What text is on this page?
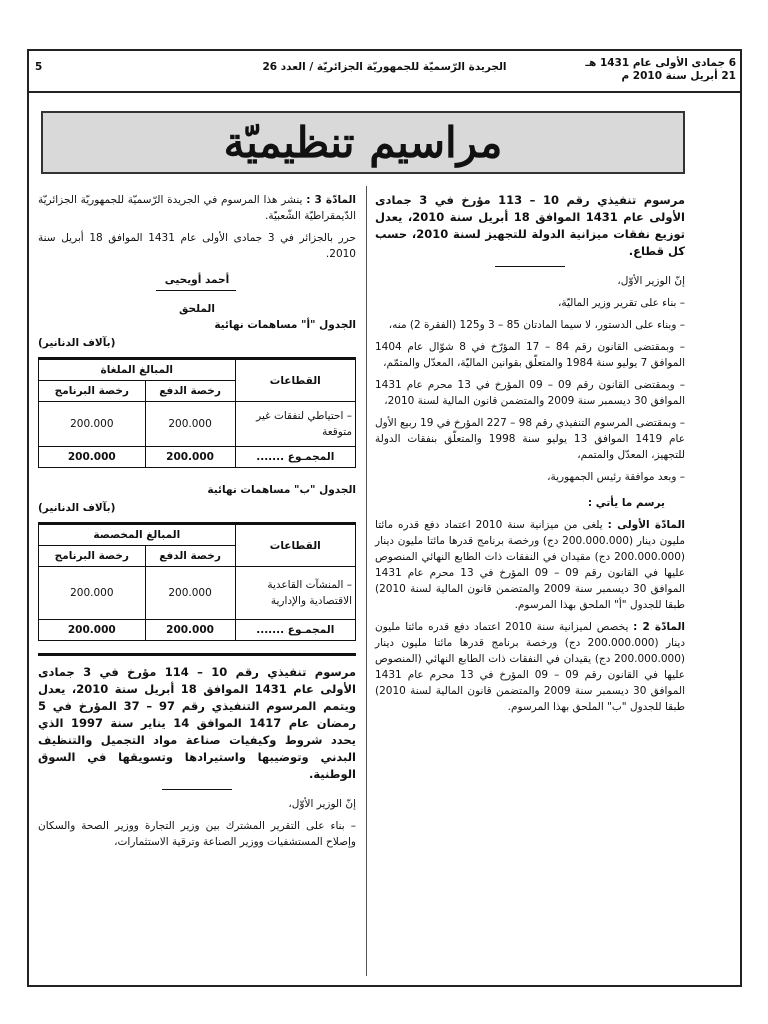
5	الجريدة الرّسميّة للجمهوريّة الجزائريّة / العدد 26	6 جمادى الأولى عام 1431 هـ
21 أبريل سنة 2010 م
مراسيم تنظيميّة

مرسوم تنفيذي رقم 10 – 113 مؤرخ في 3 جمادى الأولى عام 1431 الموافق 18 أبريل سنة 2010، يعدل توزيع نفقات ميزانية الدولة للتجهيز لسنة 2010، حسب كل قطاع.

إنّ الوزير الأوّل،

– بناء على تقرير وزير الماليّة،

– وبناء على الدستور، لا سيما المادتان 85 – 3 و125 (الفقرة 2) منه،

– وبمقتضى القانون رقم 84 – 17 المؤرّخ في 8 شوّال عام 1404 الموافق 7 يوليو سنة 1984 والمتعلّق بقوانين الماليّة، المعدّل والمتمّم،

– وبمقتضى القانون رقم 09 – 09 المؤرخ في 13 محرم عام 1431 الموافق 30 ديسمبر سنة 2009 والمتضمن قانون المالية لسنة 2010،

– وبمقتضى المرسوم التنفيذي رقم 98 – 227 المؤرخ في 19 ربيع الأول عام 1419 الموافق 13 يوليو سنة 1998 والمتعلّق بنفقات الدولة للتجهيز، المعدّل والمتمم،

– وبعد موافقة رئيس الجمهورية،

يرسم ما يأتي :

المادّة الأولى : يلغى من ميزانية سنة 2010 اعتماد دفع قدره مائتا مليون دينار (200.000.000 دج) ورخصة برنامج قدرها مائتا مليون دينار (200.000.000 دج) مقيدان في النفقات ذات الطابع النهائي المنصوص عليها في القانون رقم 09 – 09 المؤرخ في 13 محرم عام 1431 الموافق 30 ديسمبر سنة 2009 والمتضمن قانون المالية لسنة 2010) طبقا للجدول "أ" الملحق بهذا المرسوم.

المادّة 2 : يخصص لميزانية سنة 2010 اعتماد دفع قدره مائتا مليون دينار (200.000.000 دج) ورخصة برنامج قدرها مائتا مليون دينار (200.000.000 دج) يقيدان في النفقات ذات الطابع النهائي (المنصوص عليها في القانون رقم 09 – 09 المؤرخ في 13 محرم عام 1431 الموافق 30 ديسمبر سنة 2009 والمتضمن قانون المالية لسنة 2010) طبقا للجدول "ب" الملحق بهذا المرسوم.

المادّة 3 : ينشر هذا المرسوم في الجريدة الرّسميّة للجمهوريّة الجزائريّة الدّيمقراطيّة الشّعبيّة.

حرر بالجزائر في 3 جمادى الأولى عام 1431 الموافق 18 أبريل سنة 2010.

أحمد أويحيى
الملحق
الجدول "أ" مساهمات نهائية
(بآلاف الدنانير)
القطاعات	المبالغ الملغاة	
	رخصة الدفع	رخصة البرنامج
– احتياطي لنفقات غير متوقعة	200.000	200.000
المجمـوع .......	200.000	200.000
الجدول "ب" مساهمات نهائية
(بآلاف الدنانير)
القطاعات	المبالغ المخصصة	
	رخصة الدفع	رخصة البرنامج
– المنشآت القاعدية الاقتصادية والإدارية	200.000	200.000
المجمـوع .......	200.000	200.000

مرسوم تنفيذي رقم 10 – 114 مؤرخ في 3 جمادى الأولى عام 1431 الموافق 18 أبريل سنة 2010، يعدل ويتمم المرسوم التنفيذي رقم 97 – 37 المؤرخ في 5 رمضان عام 1417 الموافق 14 يناير سنة 1997 الذي يحدد شروط وكيفيات صناعة مواد التجميل والتنظيف البدني وتوضيبها واستيرادها وتسويقها في السوق الوطنية.

إنّ الوزير الأوّل،

– بناء على التقرير المشترك بين وزير التجارة ووزير الصحة والسكان وإصلاح المستشفيات ووزير الصناعة وترقية الاستثمارات،
